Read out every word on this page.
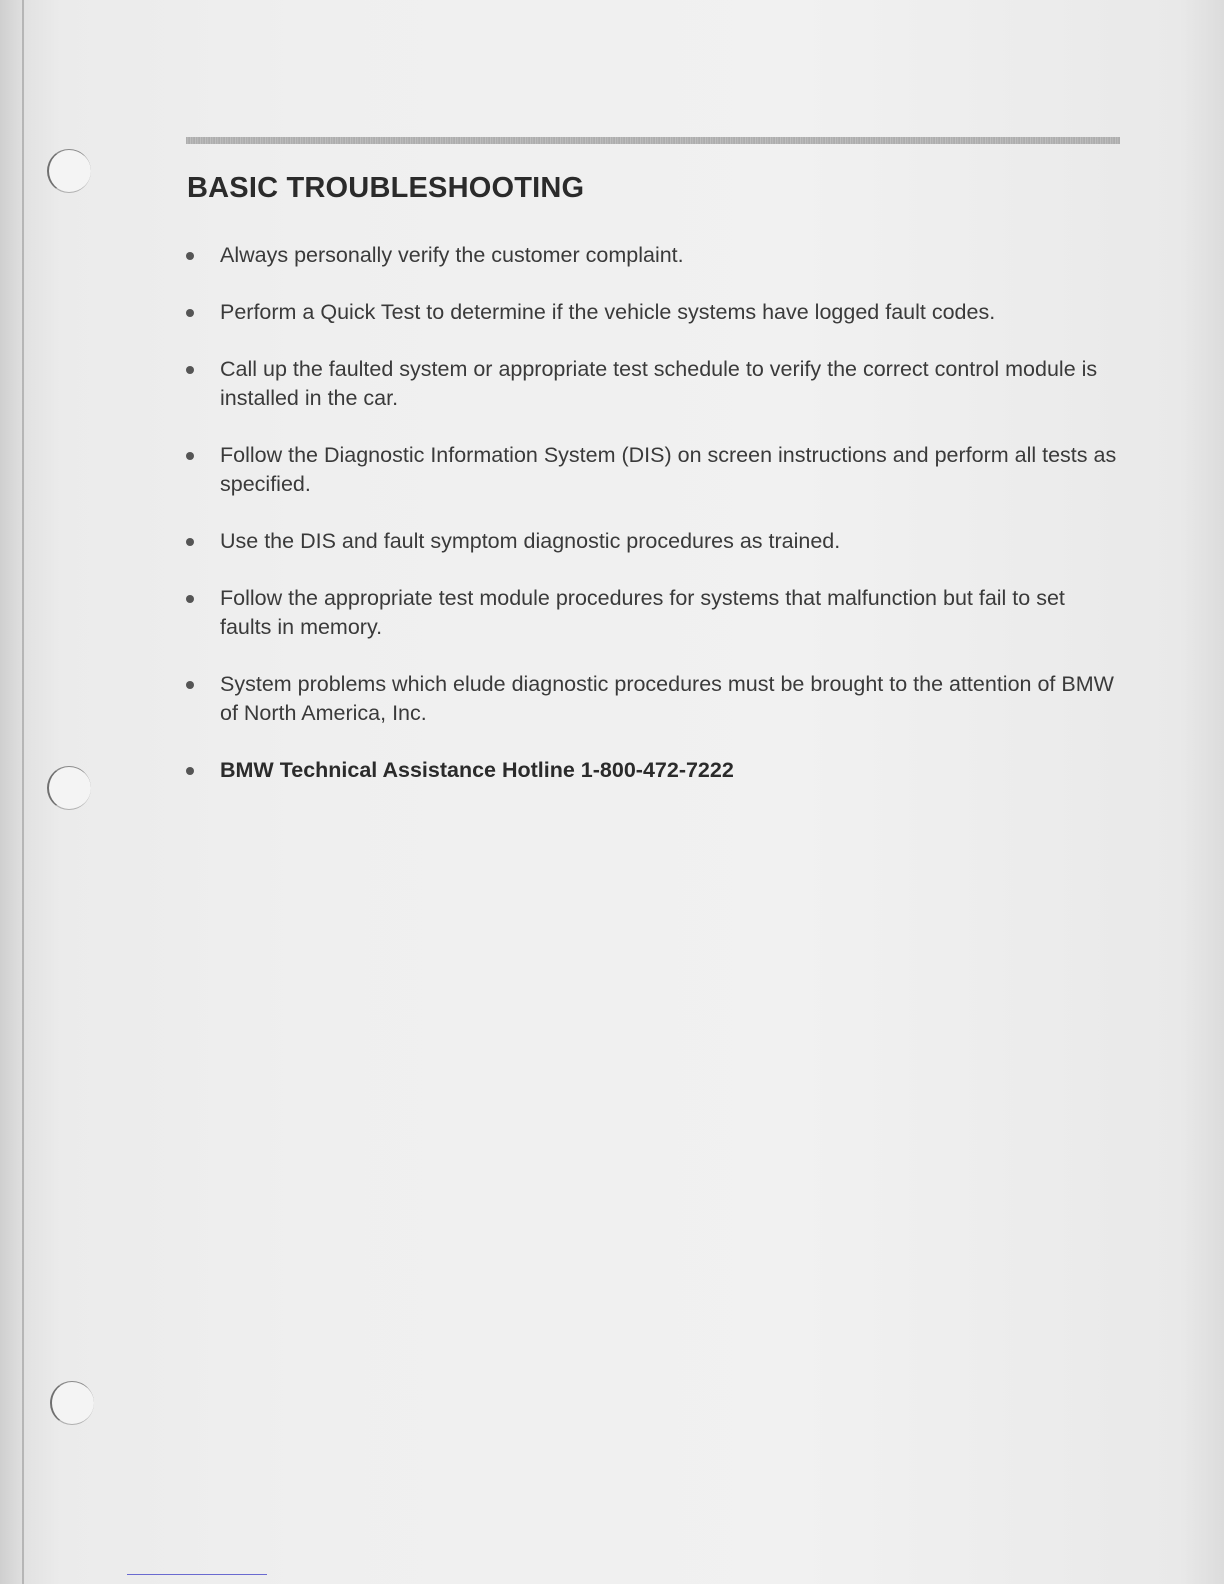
BASIC TROUBLESHOOTING
Always personally verify the customer complaint.
Perform a Quick Test to determine if the vehicle systems have logged fault codes.
Call up the faulted system or appropriate test schedule to verify the correct control module is installed in the car.
Follow the Diagnostic Information System (DIS) on screen instructions and perform all tests as specified.
Use the DIS and fault symptom diagnostic procedures as trained.
Follow the appropriate test module procedures for systems that malfunction but fail to set faults in memory.
System problems which elude diagnostic procedures must be brought to the attention of BMW of North America, Inc.
BMW Technical Assistance Hotline 1-800-472-7222
